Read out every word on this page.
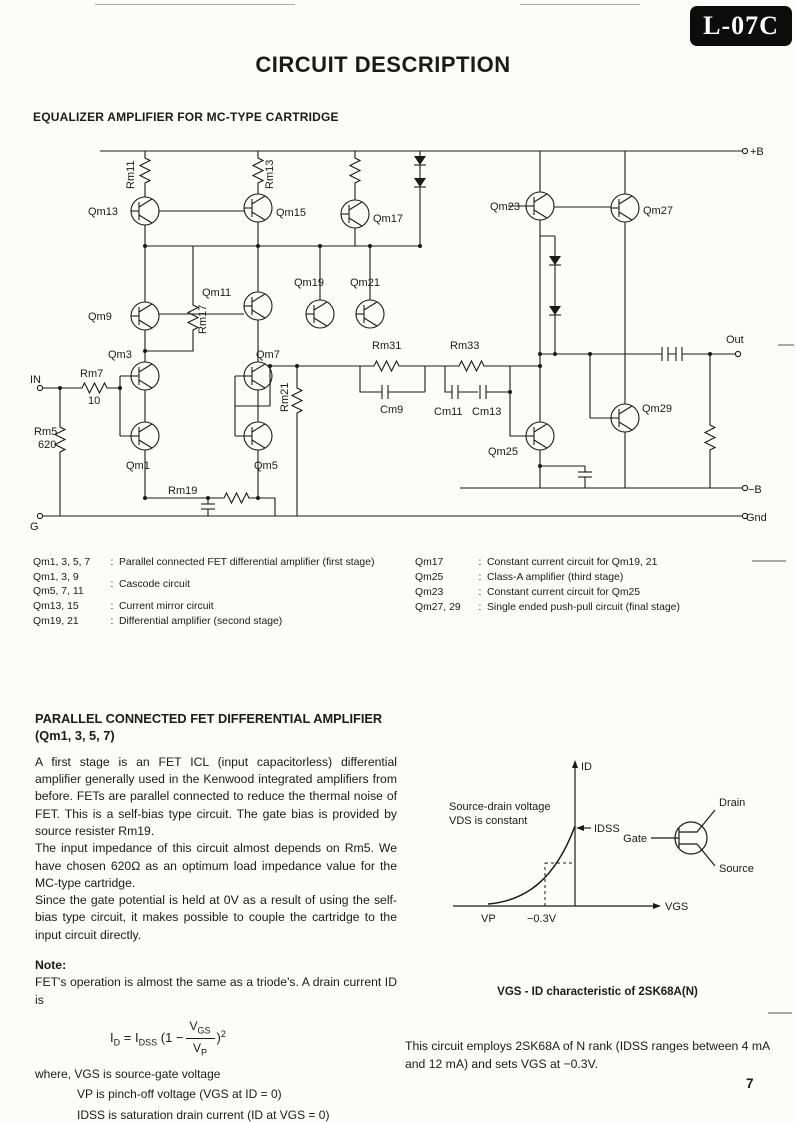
L-07C
CIRCUIT DESCRIPTION
EQUALIZER AMPLIFIER FOR MC-TYPE CARTRIDGE
Rm11	Rm13
Qm13	Qm15	Qm17
Qm23	Qm27
+B
Qm9
Qm11
Qm19 Qm21
Rm17
Qm3	Qm7
IN	Rm7
10
Rm5
620
Qm1	Qm5
Rm19
Rm21
Rm31	Rm33
Cm9	Cm11 Cm13
Qm25
Qm29
Out
−B
G
Gnd
Qm1, 3, 5, 7	: Parallel connected FET differential amplifier (first stage)
Qm1, 3, 9
Qm5, 7, 11
: Cascode circuit
Qm13, 15	: Current mirror circuit
Qm19, 21	: Differential amplifier (second stage)
Qm17	: Constant current circuit for Qm19, 21
Qm25	: Class-A amplifier (third stage)
Qm23	: Constant current circuit for Qm25
Qm27, 29	: Single ended push-pull circuit (final stage)
PARALLEL CONNECTED FET DIFFERENTIAL AMPLIFIER
(Qm1, 3, 5, 7)

A first stage is an FET ICL (input capacitorless) differential amplifier generally used in the Kenwood integrated amplifiers from before. FETs are parallel connected to reduce the thermal noise of FET. This is a self-bias type circuit. The gate bias is provided by source resister Rm19.

The input impedance of this circuit almost depends on Rm5. We have chosen 620Ω as an optimum load impedance value for the MC-type cartridge.

Since the gate potential is held at 0V as a result of using the self-bias type circuit, it makes possible to couple the cartridge to the input circuit directly.

Note:

FET's operation is almost the same as a triode's. A drain current ID is

$I_D = I_{DSS}$ $(1 - \frac{V_{GS}}{V_P} )^2$

where, VGS is source-gate voltage

VP is pinch-off voltage (VGS at ID = 0)

IDSS is saturation drain current (ID at VGS = 0)

ID
VGS
IDSS
Source-drain voltage
VDS is constant
VP	−0.3V
Drain
Gate
Source
VGS - ID characteristic of 2SK68A(N)
This circuit employs 2SK68A of N rank (IDSS ranges between 4 mA and 12 mA) and sets VGS at −0.3V.
7
